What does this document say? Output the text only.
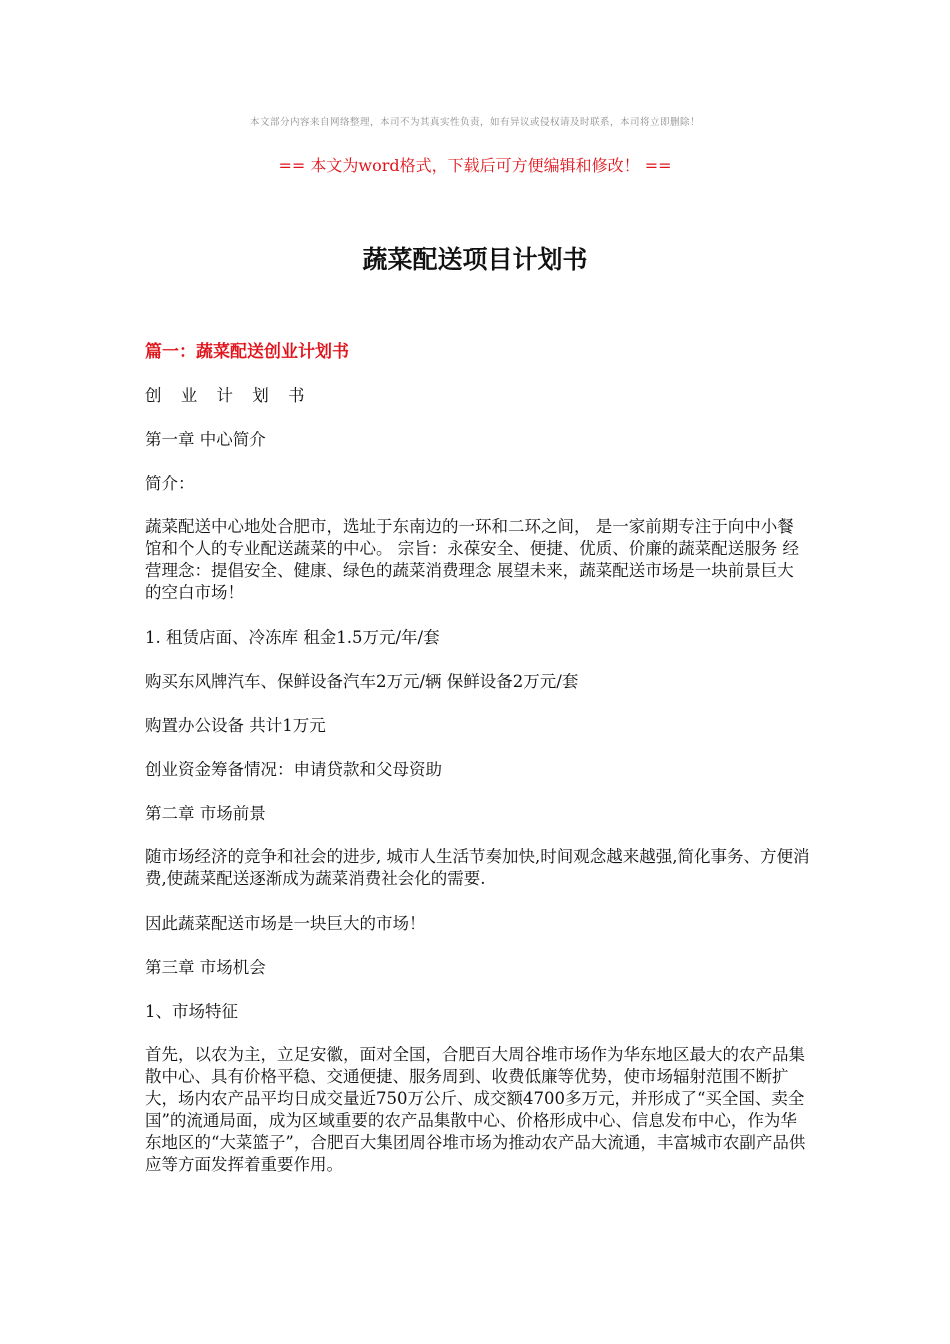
本文部分内容来自网络整理，本司不为其真实性负责，如有异议或侵权请及时联系，本司将立即删除！
== 本文为word格式，下载后可方便编辑和修改！ ==
蔬菜配送项目计划书

篇一：蔬菜配送创业计划书

创 业 计 划 书

第一章 中心简介

简介：

蔬菜配送中心地处合肥市，选址于东南边的一环和二环之间， 是一家前期专注于向中小餐馆和个人的专业配送蔬菜的中心。 宗旨：永葆安全、便捷、优质、价廉的蔬菜配送服务 经营理念：提倡安全、健康、绿色的蔬菜消费理念 展望未来，蔬菜配送市场是一块前景巨大的空白市场！

1. 租赁店面、冷冻库 租金1.5万元/年/套

购买东风牌汽车、保鲜设备汽车2万元/辆 保鲜设备2万元/套

购置办公设备 共计1万元

创业资金筹备情况：申请贷款和父母资助

第二章 市场前景

随市场经济的竞争和社会的进步, 城市人生活节奏加快,时间观念越来越强,简化事务、方便消费,使蔬菜配送逐渐成为蔬菜消费社会化的需要.

因此蔬菜配送市场是一块巨大的市场！

第三章 市场机会

1、市场特征

首先，以农为主，立足安徽，面对全国，合肥百大周谷堆市场作为华东地区最大的农产品集散中心、具有价格平稳、交通便捷、服务周到、收费低廉等优势，使市场辐射范围不断扩大，场内农产品平均日成交量近750万公斤、成交额4700多万元，并形成了“买全国、卖全国”的流通局面，成为区域重要的农产品集散中心、价格形成中心、信息发布中心，作为华东地区的“大菜篮子”，合肥百大集团周谷堆市场为推动农产品大流通，丰富城市农副产品供应等方面发挥着重要作用。
